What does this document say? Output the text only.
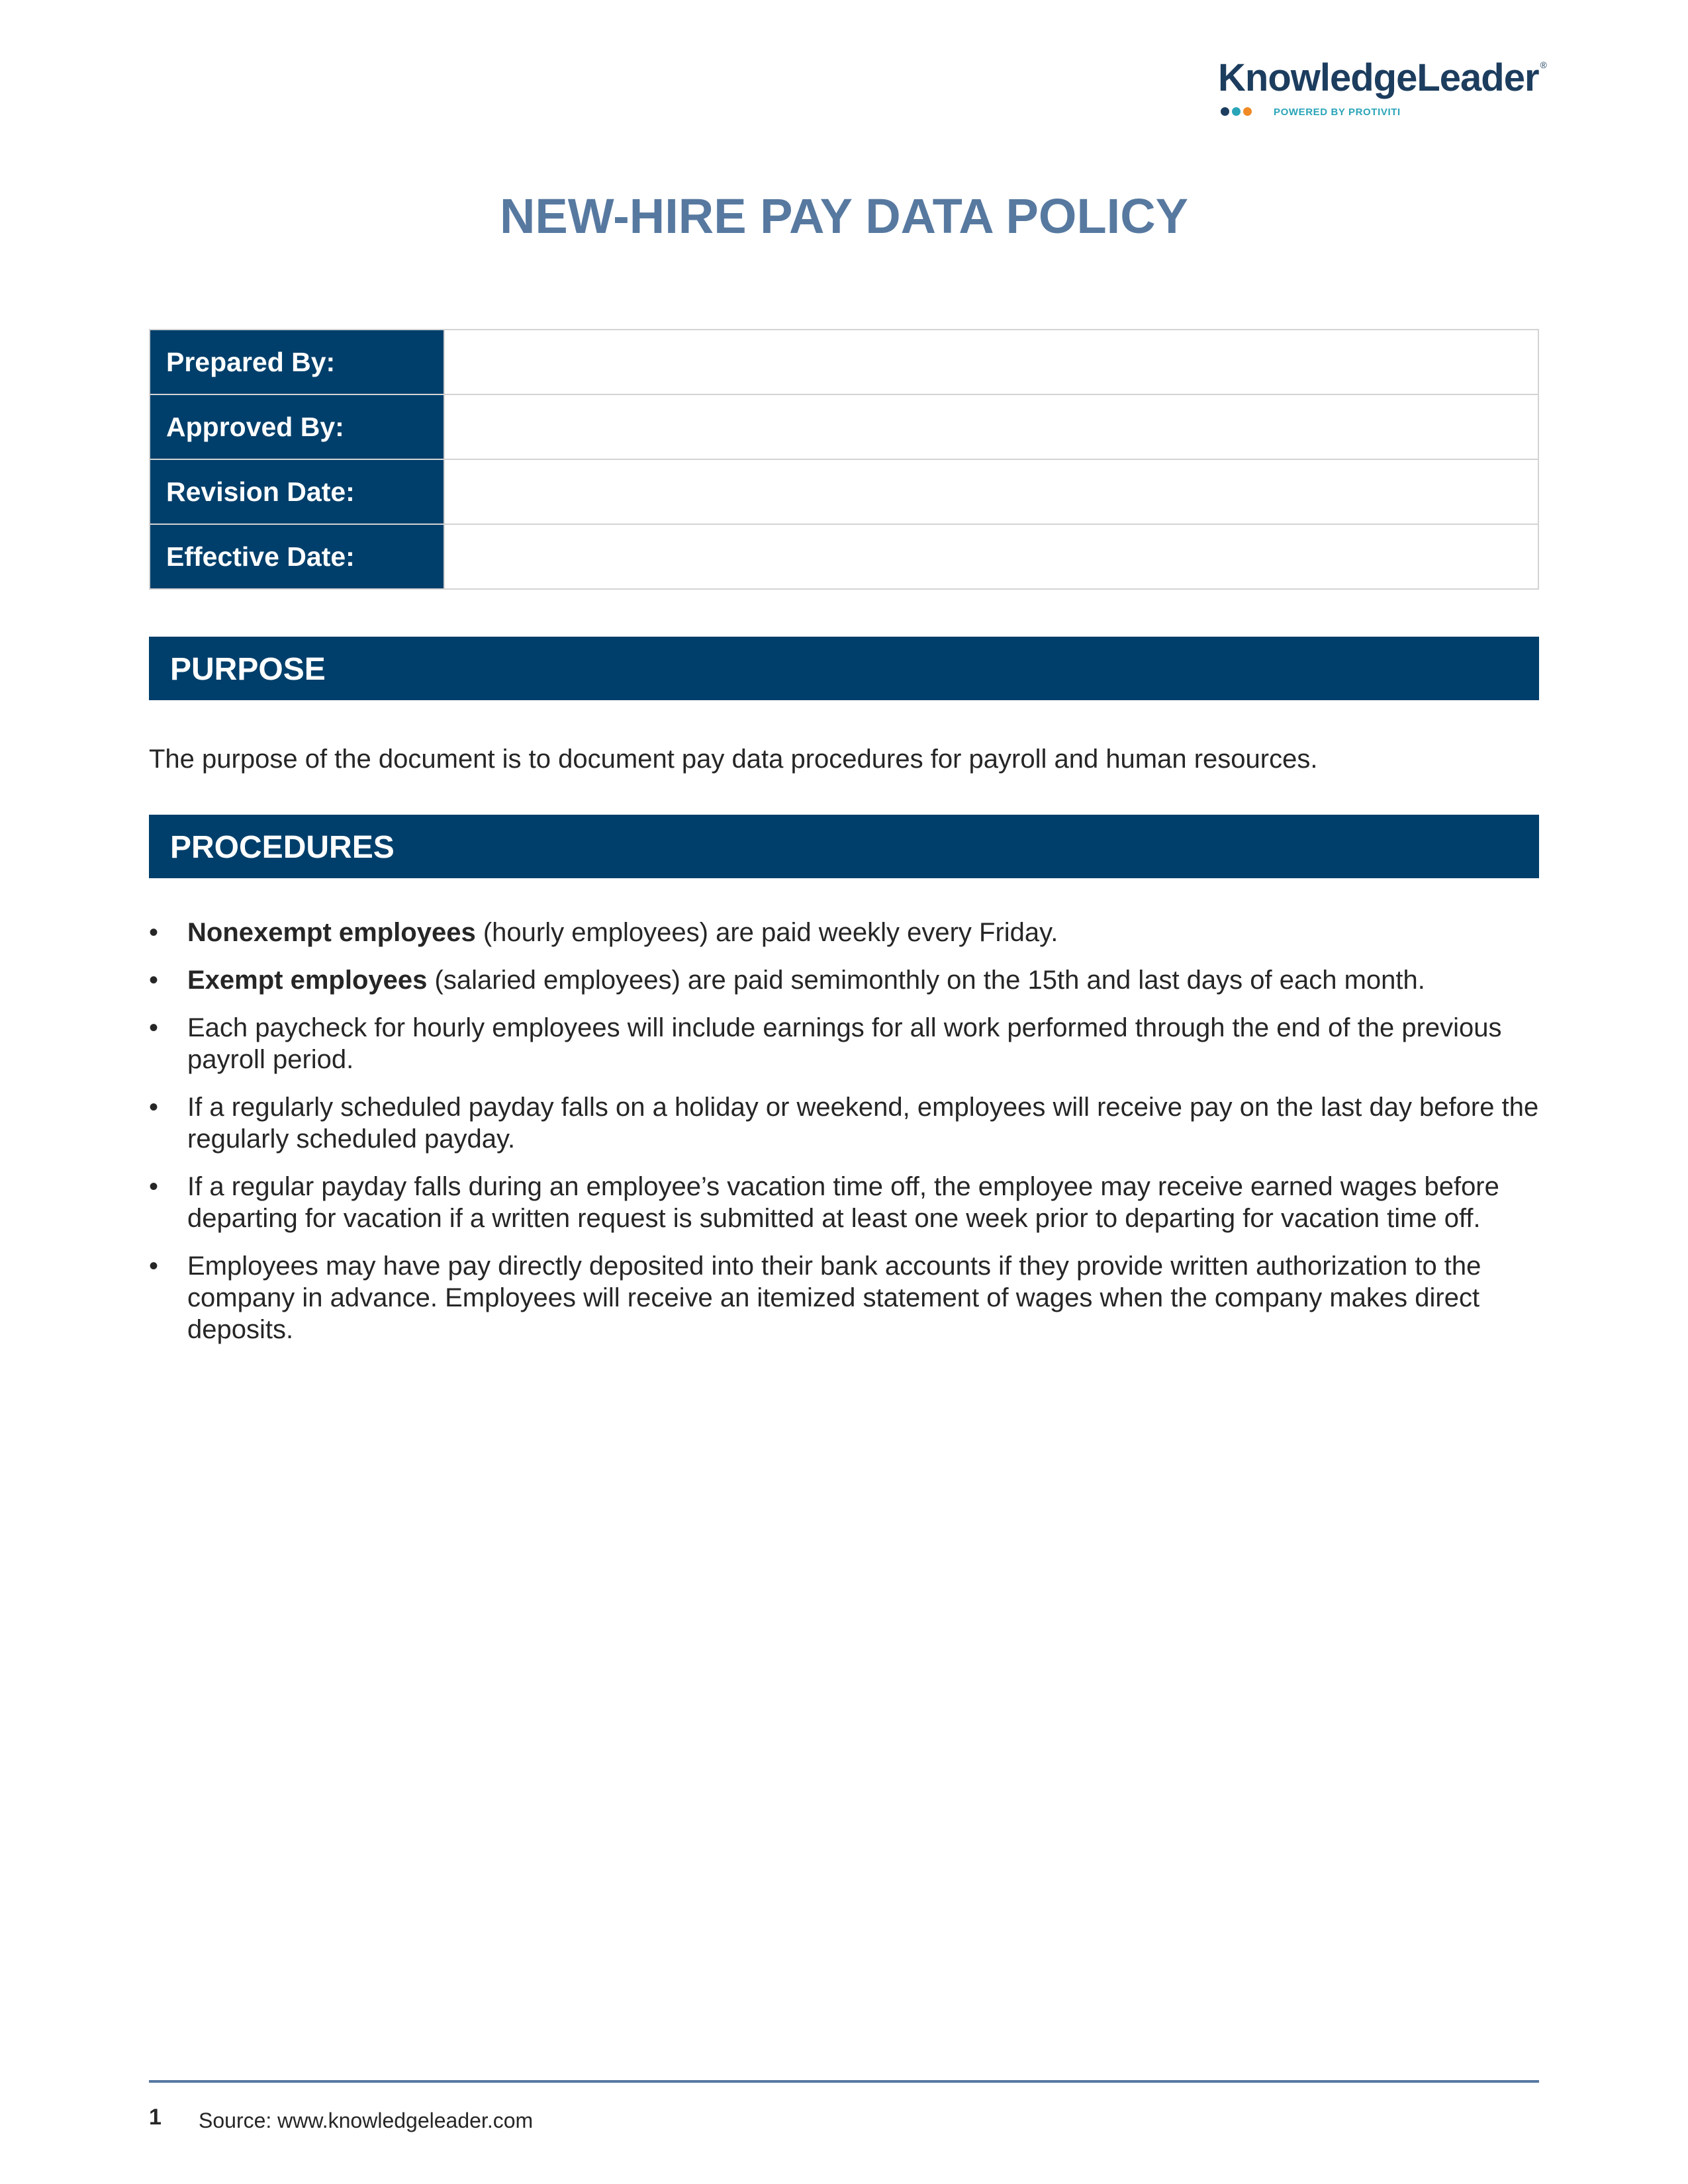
KnowledgeLeader ®
POWERED BY PROTIVITI
NEW-HIRE PAY DATA POLICY
Prepared By:	
Approved By:	
Revision Date:	
Effective Date:	
PURPOSE
The purpose of the document is to document pay data procedures for payroll and human resources.
PROCEDURES
• Nonexempt employees (hourly employees) are paid weekly every Friday.
• Exempt employees (salaried employees) are paid semimonthly on the 15th and last days of each month.
• Each paycheck for hourly employees will include earnings for all work performed through the end of the previous payroll period.
• If a regularly scheduled payday falls on a holiday or weekend, employees will receive pay on the last day before the regularly scheduled payday.
• If a regular payday falls during an employee’s vacation time off, the employee may receive earned wages before departing for vacation if a written request is submitted at least one week prior to departing for vacation time off.
• Employees may have pay directly deposited into their bank accounts if they provide written authorization to the company in advance. Employees will receive an itemized statement of wages when the company makes direct deposits.
1 Source: www.knowledgeleader.com
